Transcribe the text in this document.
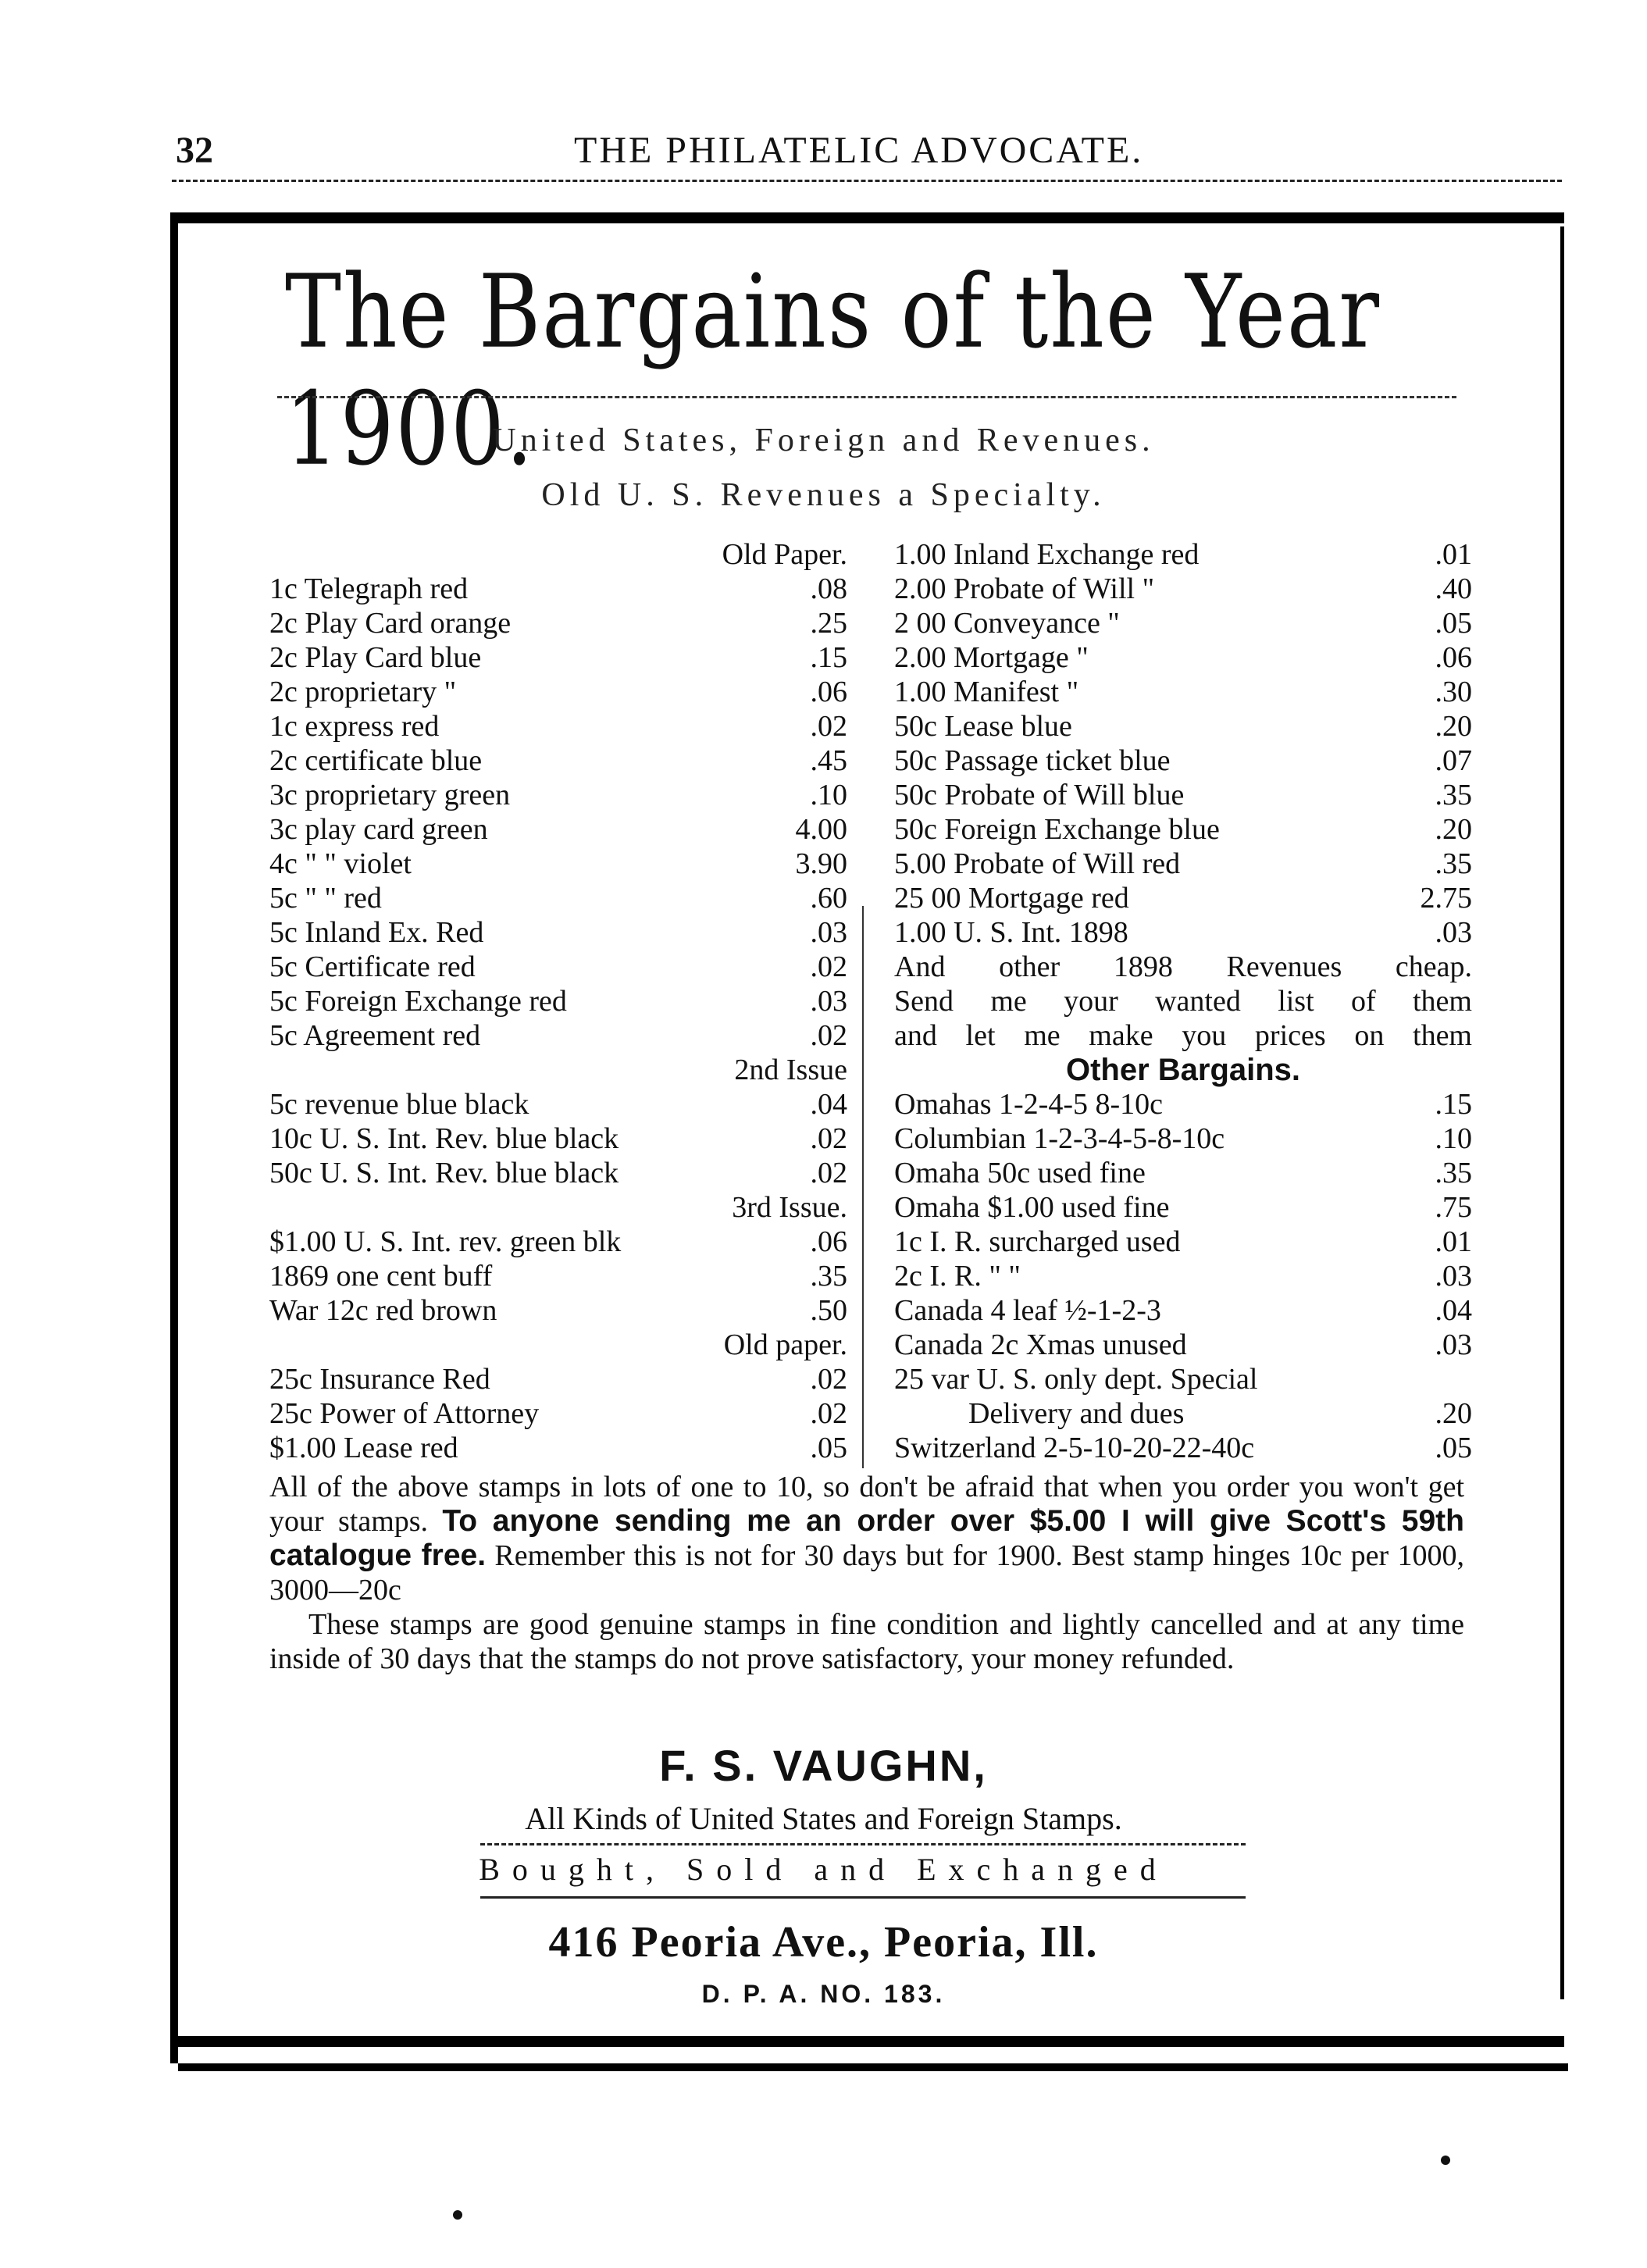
32	THE PHILATELIC ADVOCATE.
The Bargains of the Year 1900.
United States, Foreign and Revenues.
Old U. S. Revenues a Specialty.
Old Paper.
1c Telegraph red	.08
2c Play Card orange	.25
2c Play Card blue	.15
2c proprietary "	.06
1c express red	.02
2c certificate blue	.45
3c proprietary green	.10
3c play card green	4.00
4c " " violet	3.90
5c " " red	.60
5c Inland Ex. Red	.03
5c Certificate red	.02
5c Foreign Exchange red	.03
5c Agreement red	.02
2nd Issue
5c revenue blue black	.04
10c U. S. Int. Rev. blue black	.02
50c U. S. Int. Rev. blue black	.02
3rd Issue.
$1.00 U. S. Int. rev. green blk	.06
1869 one cent buff	.35
War 12c red brown	.50
Old paper.
25c Insurance Red	.02
25c Power of Attorney	.02
$1.00 Lease red	.05
1.00 Inland Exchange red	.01
2.00 Probate of Will "	.40
2 00 Conveyance "	.05
2.00 Mortgage "	.06
1.00 Manifest "	.30
50c Lease blue	.20
50c Passage ticket blue	.07
50c Probate of Will blue	.35
50c Foreign Exchange blue	.20
5.00 Probate of Will red	.35
25 00 Mortgage red	2.75
1.00 U. S. Int. 1898	.03
And other 1898 Revenues cheap.
Send me your wanted list of them
and let me make you prices on them
Other Bargains.
Omahas 1-2-4-5 8-10c	.15
Columbian 1-2-3-4-5-8-10c	.10
Omaha 50c used fine	.35
Omaha $1.00 used fine	.75
1c I. R. surcharged used	.01
2c I. R. " "	.03
Canada 4 leaf ½-1-2-3	.04
Canada 2c Xmas unused	.03
25 var U. S. only dept. Special
Delivery and dues	.20
Switzerland 2-5-10-20-22-40c	.05

All of the above stamps in lots of one to 10, so don't be afraid that when you order you won't get your stamps. To anyone sending me an order over $5.00 I will give Scott's 59th catalogue free. Remember this is not for 30 days but for 1900. Best stamp hinges 10c per 1000, 3000—20c

These stamps are good genuine stamps in fine condition and lightly cancelled and at any time inside of 30 days that the stamps do not prove satisfactory, your money refunded.

F. S. VAUGHN,
All Kinds of United States and Foreign Stamps.
Bought, Sold and Exchanged
416 Peoria Ave., Peoria, Ill.
D. P. A. NO. 183.
